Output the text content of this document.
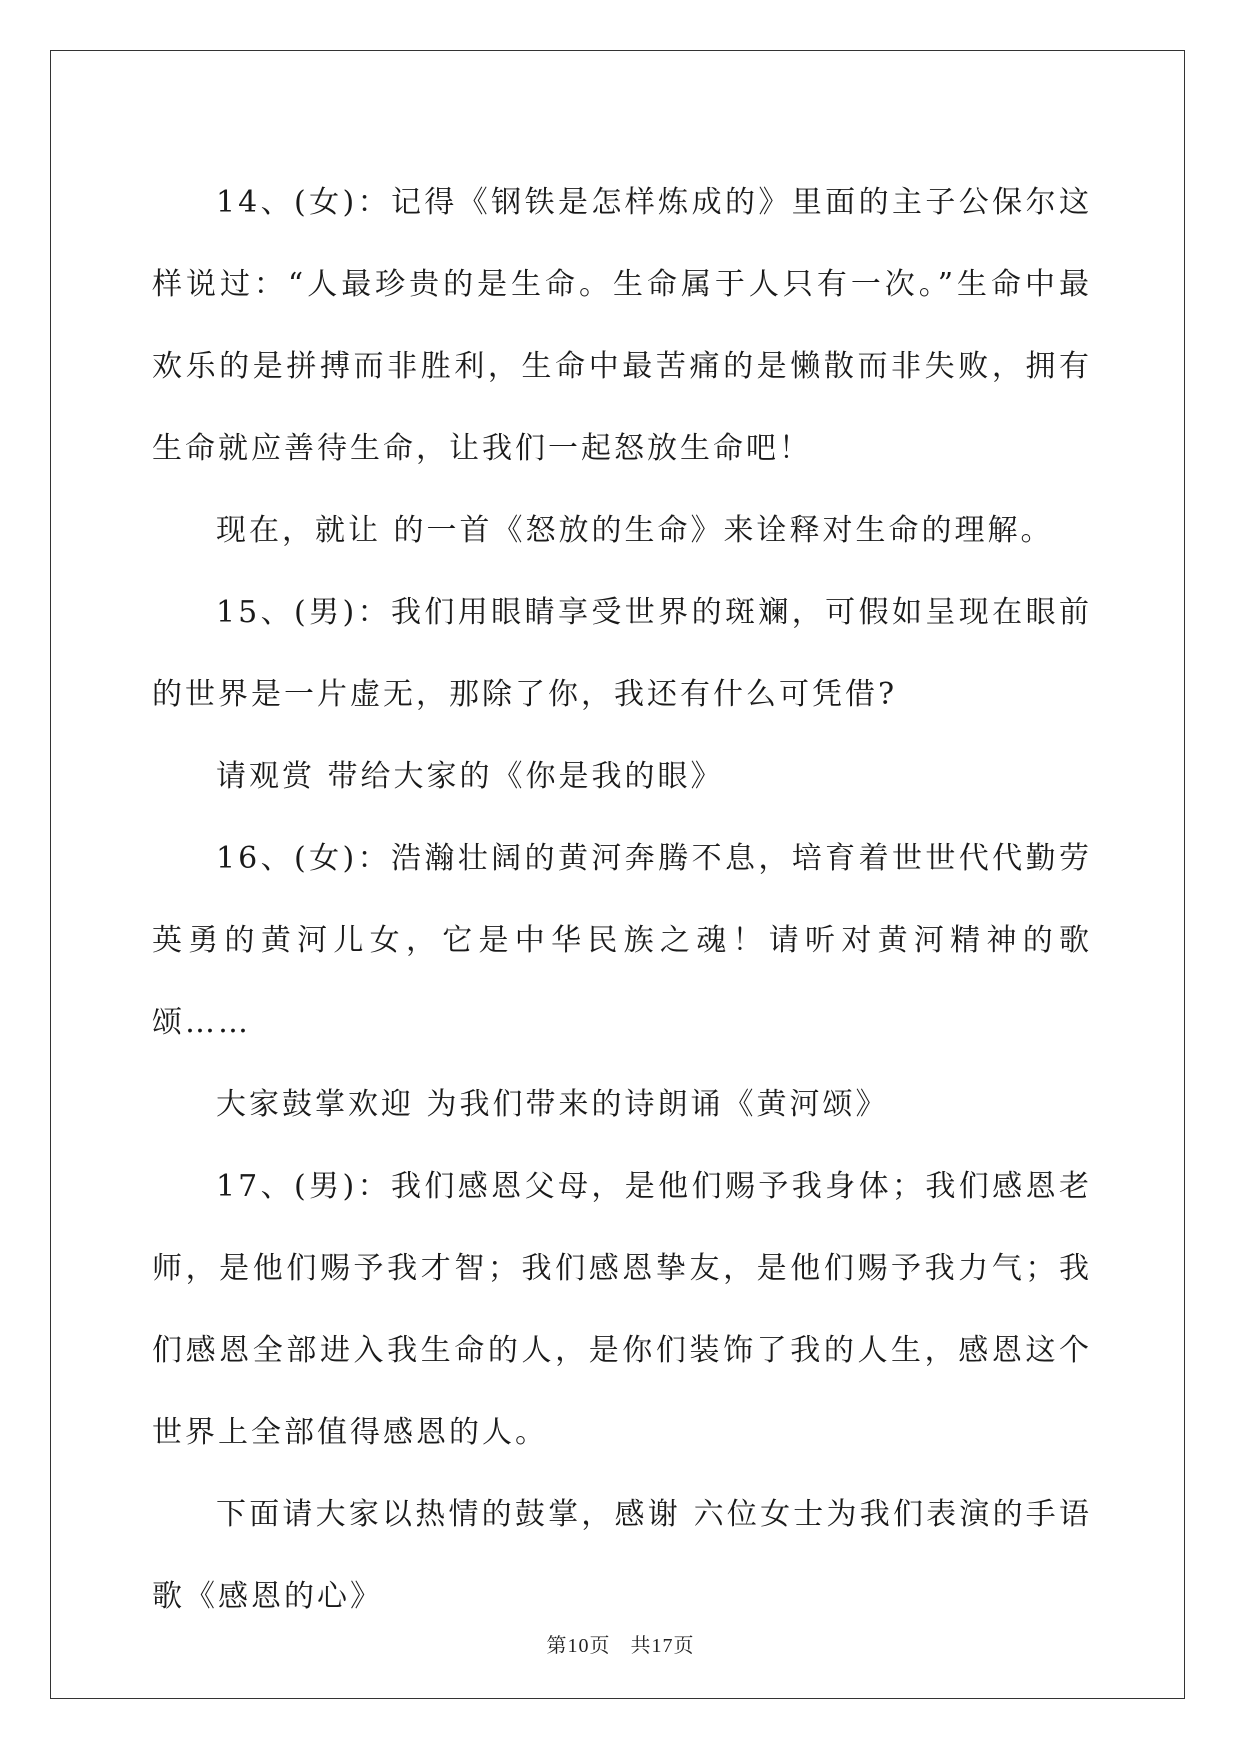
14、(女)：记得《钢铁是怎样炼成的》里面的主子公保尔这样说过：“人最珍贵的是生命。生命属于人只有一次。”生命中最欢乐的是拼搏而非胜利，生命中最苦痛的是懒散而非失败，拥有生命就应善待生命，让我们一起怒放生命吧！

现在，就让 的一首《怒放的生命》来诠释对生命的理解。

15、(男)：我们用眼睛享受世界的斑斓，可假如呈现在眼前的世界是一片虚无，那除了你，我还有什么可凭借?

请观赏 带给大家的《你是我的眼》

16、(女)：浩瀚壮阔的黄河奔腾不息，培育着世世代代勤劳英勇的黄河儿女，它是中华民族之魂！请听对黄河精神的歌颂……

大家鼓掌欢迎 为我们带来的诗朗诵《黄河颂》

17、(男)：我们感恩父母，是他们赐予我身体；我们感恩老师，是他们赐予我才智；我们感恩挚友，是他们赐予我力气；我们感恩全部进入我生命的人，是你们装饰了我的人生，感恩这个世界上全部值得感恩的人。

下面请大家以热情的鼓掌，感谢 六位女士为我们表演的手语歌《感恩的心》

第10页 共17页
